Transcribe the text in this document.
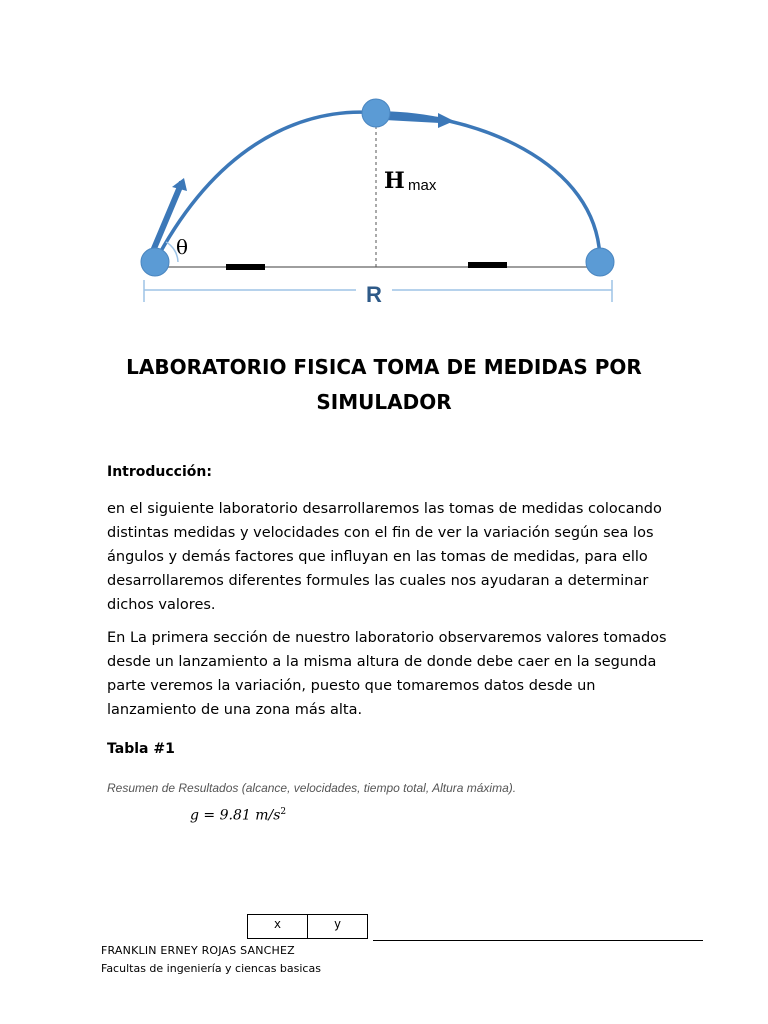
θ
H max
R
LABORATORIO FISICA TOMA DE MEDIDAS POR
SIMULADOR
Introducción:

en el siguiente laboratorio desarrollaremos las tomas de medidas colocando distintas medidas y velocidades con el fin de ver la variación según sea los ángulos y demás factores que influyan en las tomas de medidas, para ello desarrollaremos diferentes formules las cuales nos ayudaran a determinar dichos valores.

En La primera sección de nuestro laboratorio observaremos valores tomados desde un lanzamiento a la misma altura de donde debe caer en la segunda parte veremos la variación, puesto que tomaremos datos desde un lanzamiento de una zona más alta.

Tabla #1
Resumen de Resultados (alcance, velocidades, tiempo total, Altura máxima).
g = 9.81 $m/s^2$
x	y
FRANKLIN ERNEY ROJAS SANCHEZ
Facultas de ingeniería y ciencas basicas
